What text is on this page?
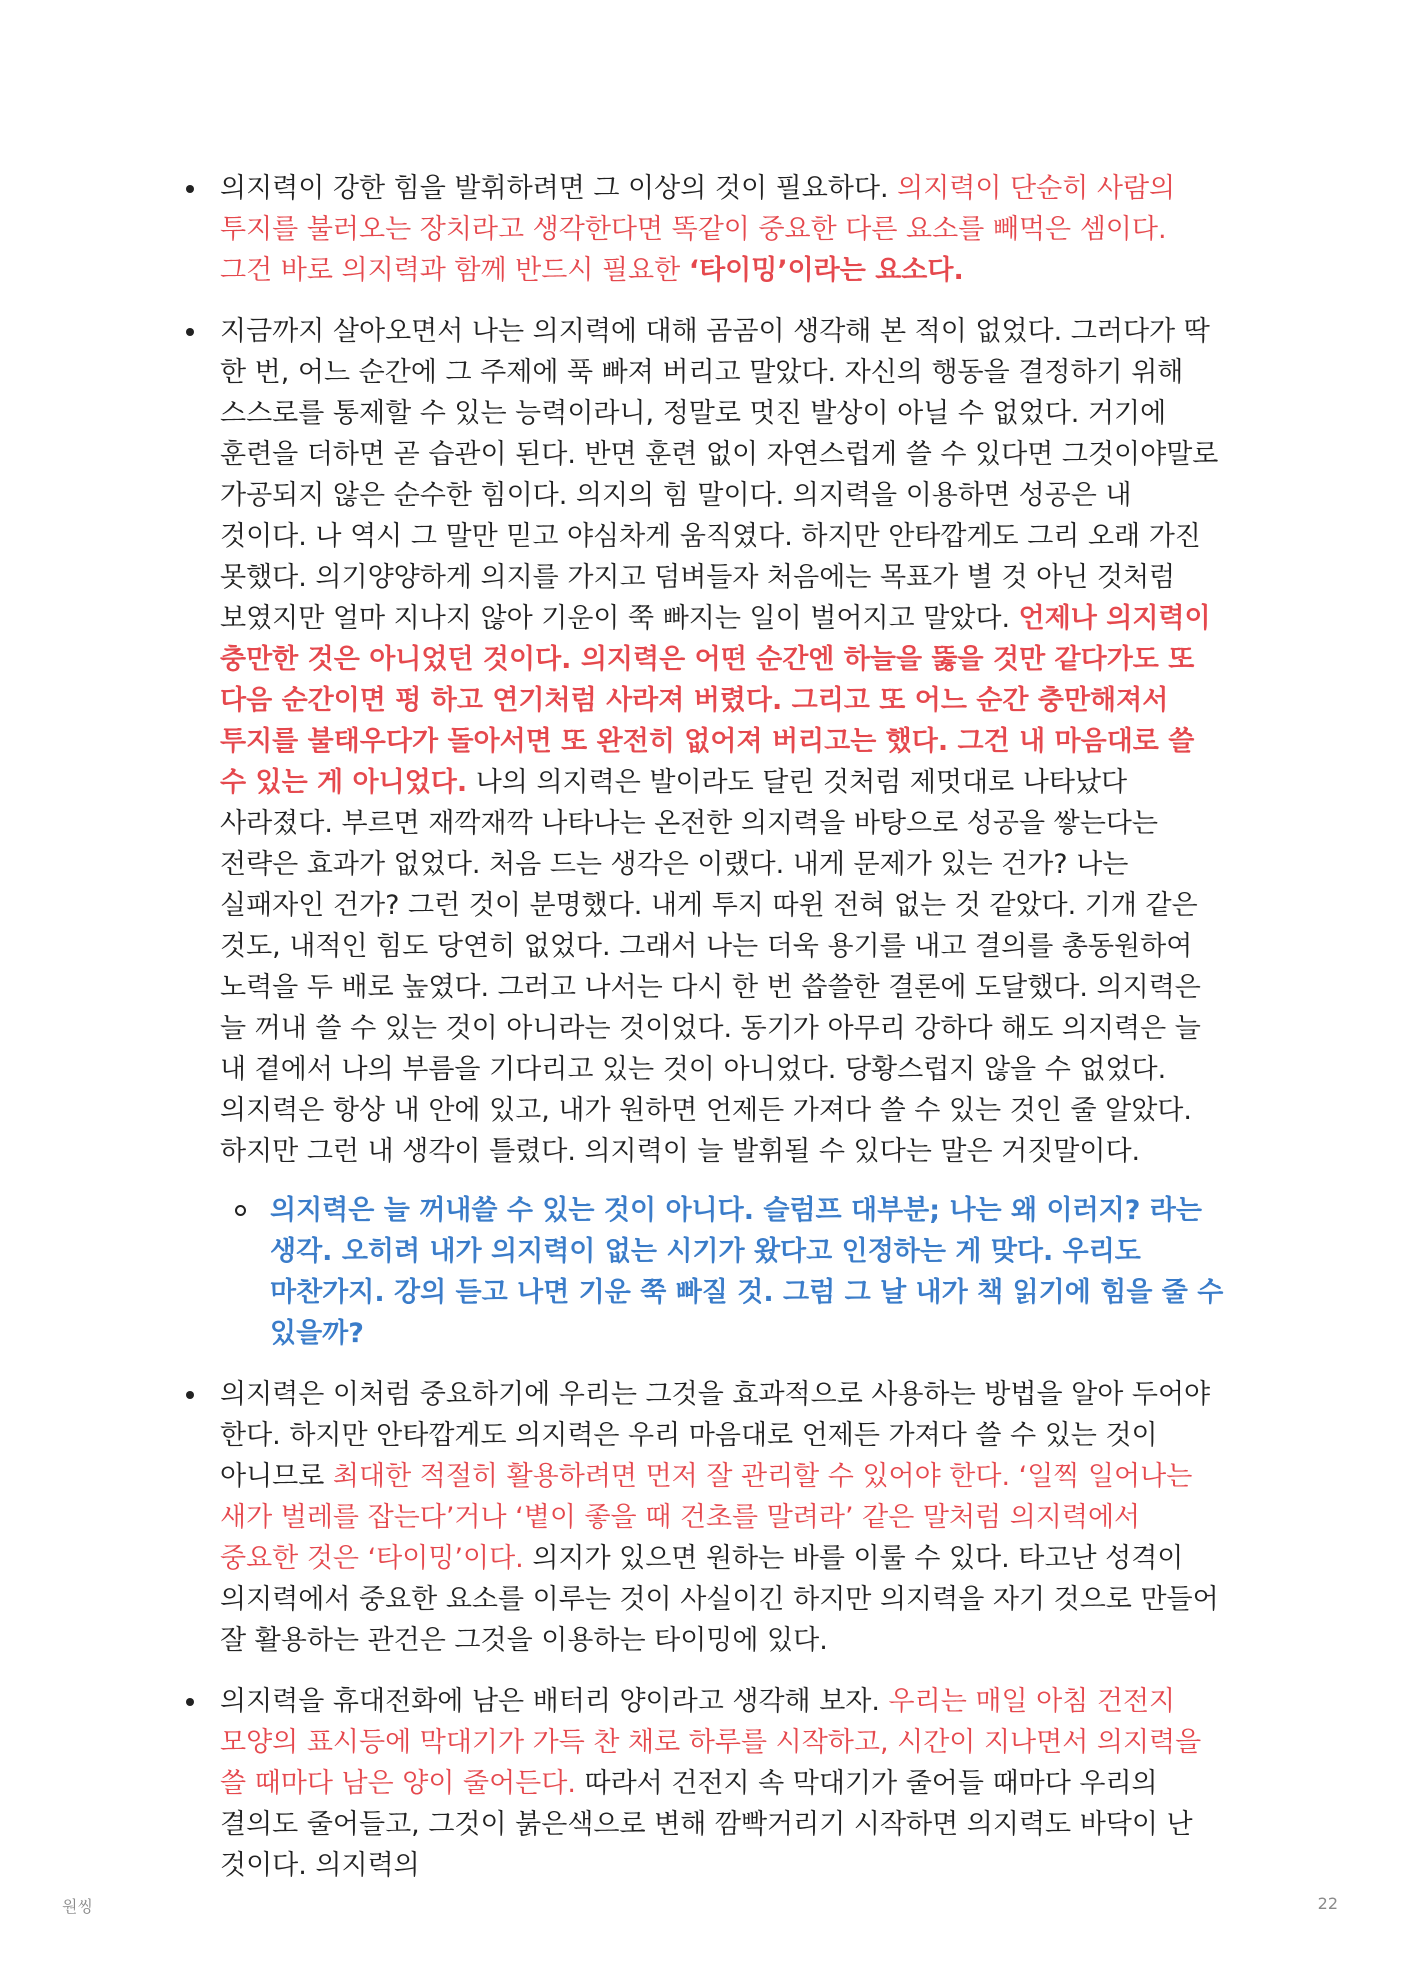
의지력이 강한 힘을 발휘하려면 그 이상의 것이 필요하다. 의지력이 단순히 사람의 투지를 불러오는 장치라고 생각한다면 똑같이 중요한 다른 요소를 빼먹은 셈이다. 그건 바로 의지력과 함께 반드시 필요한 ‘타이밍’이라는 요소다.
지금까지 살아오면서 나는 의지력에 대해 곰곰이 생각해 본 적이 없었다. 그러다가 딱 한 번, 어느 순간에 그 주제에 푹 빠져 버리고 말았다. 자신의 행동을 결정하기 위해 스스로를 통제할 수 있는 능력이라니, 정말로 멋진 발상이 아닐 수 없었다. 거기에 훈련을 더하면 곧 습관이 된다. 반면 훈련 없이 자연스럽게 쓸 수 있다면 그것이야말로 가공되지 않은 순수한 힘이다. 의지의 힘 말이다. 의지력을 이용하면 성공은 내 것이다. 나 역시 그 말만 믿고 야심차게 움직였다. 하지만 안타깝게도 그리 오래 가진 못했다. 의기양양하게 의지를 가지고 덤벼들자 처음에는 목표가 별 것 아닌 것처럼 보였지만 얼마 지나지 않아 기운이 쭉 빠지는 일이 벌어지고 말았다. 언제나 의지력이 충만한 것은 아니었던 것이다. 의지력은 어떤 순간엔 하늘을 뚫을 것만 같다가도 또 다음 순간이면 펑 하고 연기처럼 사라져 버렸다. 그리고 또 어느 순간 충만해져서 투지를 불태우다가 돌아서면 또 완전히 없어져 버리고는 했다. 그건 내 마음대로 쓸 수 있는 게 아니었다. 나의 의지력은 발이라도 달린 것처럼 제멋대로 나타났다 사라졌다. 부르면 재깍재깍 나타나는 온전한 의지력을 바탕으로 성공을 쌓는다는 전략은 효과가 없었다. 처음 드는 생각은 이랬다. 내게 문제가 있는 건가? 나는 실패자인 건가? 그런 것이 분명했다. 내게 투지 따윈 전혀 없는 것 같았다. 기개 같은 것도, 내적인 힘도 당연히 없었다. 그래서 나는 더욱 용기를 내고 결의를 총동원하여 노력을 두 배로 높였다. 그러고 나서는 다시 한 번 씁쓸한 결론에 도달했다. 의지력은 늘 꺼내 쓸 수 있는 것이 아니라는 것이었다. 동기가 아무리 강하다 해도 의지력은 늘 내 곁에서 나의 부름을 기다리고 있는 것이 아니었다. 당황스럽지 않을 수 없었다. 의지력은 항상 내 안에 있고, 내가 원하면 언제든 가져다 쓸 수 있는 것인 줄 알았다. 하지만 그런 내 생각이 틀렸다. 의지력이 늘 발휘될 수 있다는 말은 거짓말이다.
의지력은 늘 꺼내쓸 수 있는 것이 아니다. 슬럼프 대부분; 나는 왜 이러지? 라는 생각. 오히려 내가 의지력이 없는 시기가 왔다고 인정하는 게 맞다. 우리도 마찬가지. 강의 듣고 나면 기운 쭉 빠질 것. 그럼 그 날 내가 책 읽기에 힘을 줄 수 있을까?
의지력은 이처럼 중요하기에 우리는 그것을 효과적으로 사용하는 방법을 알아 두어야 한다. 하지만 안타깝게도 의지력은 우리 마음대로 언제든 가져다 쓸 수 있는 것이 아니므로 최대한 적절히 활용하려면 먼저 잘 관리할 수 있어야 한다. ‘일찍 일어나는 새가 벌레를 잡는다’거나 ‘볕이 좋을 때 건초를 말려라’ 같은 말처럼 의지력에서 중요한 것은 ‘타이밍’이다. 의지가 있으면 원하는 바를 이룰 수 있다. 타고난 성격이 의지력에서 중요한 요소를 이루는 것이 사실이긴 하지만 의지력을 자기 것으로 만들어 잘 활용하는 관건은 그것을 이용하는 타이밍에 있다.
의지력을 휴대전화에 남은 배터리 양이라고 생각해 보자. 우리는 매일 아침 건전지 모양의 표시등에 막대기가 가득 찬 채로 하루를 시작하고, 시간이 지나면서 의지력을 쓸 때마다 남은 양이 줄어든다. 따라서 건전지 속 막대기가 줄어들 때마다 우리의 결의도 줄어들고, 그것이 붉은색으로 변해 깜빡거리기 시작하면 의지력도 바닥이 난 것이다. 의지력의
원씽	22
